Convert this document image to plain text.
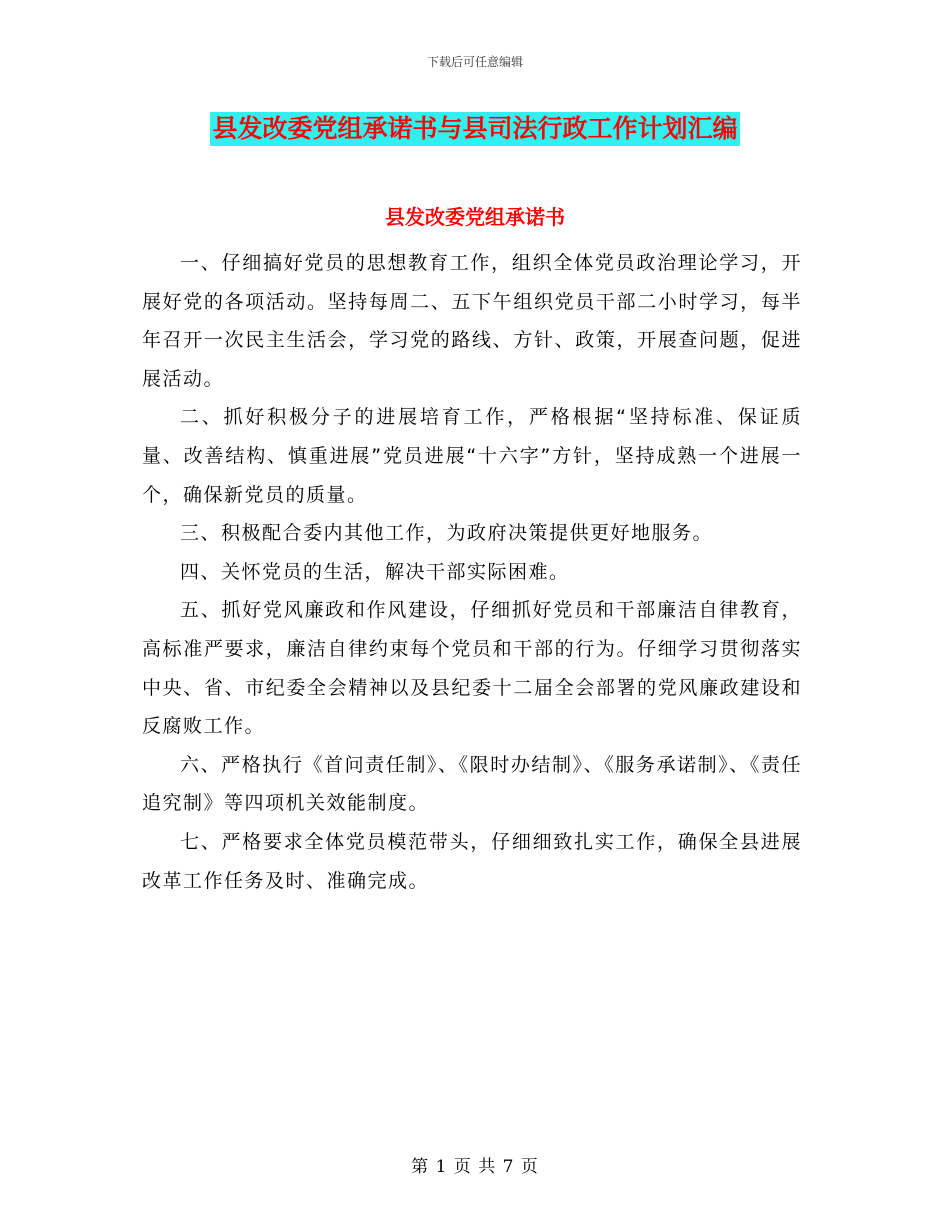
下载后可任意编辑
县发改委党组承诺书与县司法行政工作计划汇编
县发改委党组承诺书

一、仔细搞好党员的思想教育工作，组织全体党员政治理论学习，开展好党的各项活动。坚持每周二、五下午组织党员干部二小时学习，每半年召开一次民主生活会，学习党的路线、方针、政策，开展查问题，促进展活动。

二、抓好积极分子的进展培育工作，严格根据“坚持标准、保证质量、改善结构、慎重进展”党员进展“十六字”方针，坚持成熟一个进展一个，确保新党员的质量。

三、积极配合委内其他工作，为政府决策提供更好地服务。

四、关怀党员的生活，解决干部实际困难。

五、抓好党风廉政和作风建设，仔细抓好党员和干部廉洁自律教育，高标准严要求，廉洁自律约束每个党员和干部的行为。仔细学习贯彻落实中央、省、市纪委全会精神以及县纪委十二届全会部署的党风廉政建设和反腐败工作。

六、严格执行《首问责任制》、《限时办结制》、《服务承诺制》、《责任追究制》等四项机关效能制度。

七、严格要求全体党员模范带头，仔细细致扎实工作，确保全县进展改革工作任务及时、准确完成。

第 1 页 共 7 页
